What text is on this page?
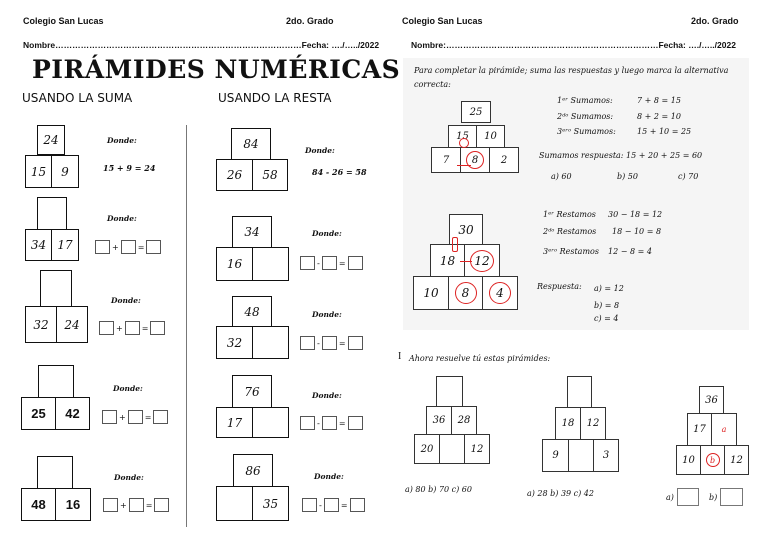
Colegio San Lucas	2do. Grado
Nombre……………………………………………………………………………Fecha: …./…../2022
PIRÁMIDES NUMÉRICAS
USANDO LA SUMA	USANDO LA RESTA
24
15	9
Donde:
15 + 9 = 24
34 17
Donde:
+ =
32	24
Donde:
+ =
25	42
Donde:
+ =
48	16
Donde:
+ =
84
26	58
Donde:
84 - 26 = 58
34
16
Donde:
- =
48
32
Donde:
- =
76
17
Donde:
- =
86
35
Donde:
- =
Colegio San Lucas	2do. Grado
Nombre:…………………………………………………………………Fecha: …./…../2022
Para completar la pirámide; suma las respuestas y luego marca la alternativa
correcta:
25
15	10
7	8	2
1ᵉʳ Sumamos:	7 + 8 = 15
2ᵈᵒ Sumamos:	8 + 2 = 10
3ᵉʳᵒ Sumamos:	15 + 10 = 25
Sumamos respuesta: 15 + 20 + 25 = 60
a) 60	b) 50	c) 70
30
18	12
10	8	4
1ᵉʳ Restamos 30 − 18 = 12
2ᵈᵒ Restamos 18 − 10 = 8
3ᵉʳᵒ Restamos 12 − 8 = 4
Respuesta: a) = 12
b) = 8
c) = 4
I Ahora resuelve tú estas pirámides:
36	28
20	12
a) 80 b) 70 c) 60
18	12
9	3
a) 28 b) 39 c) 42
36
17	a
10	b	12
a)	b)
